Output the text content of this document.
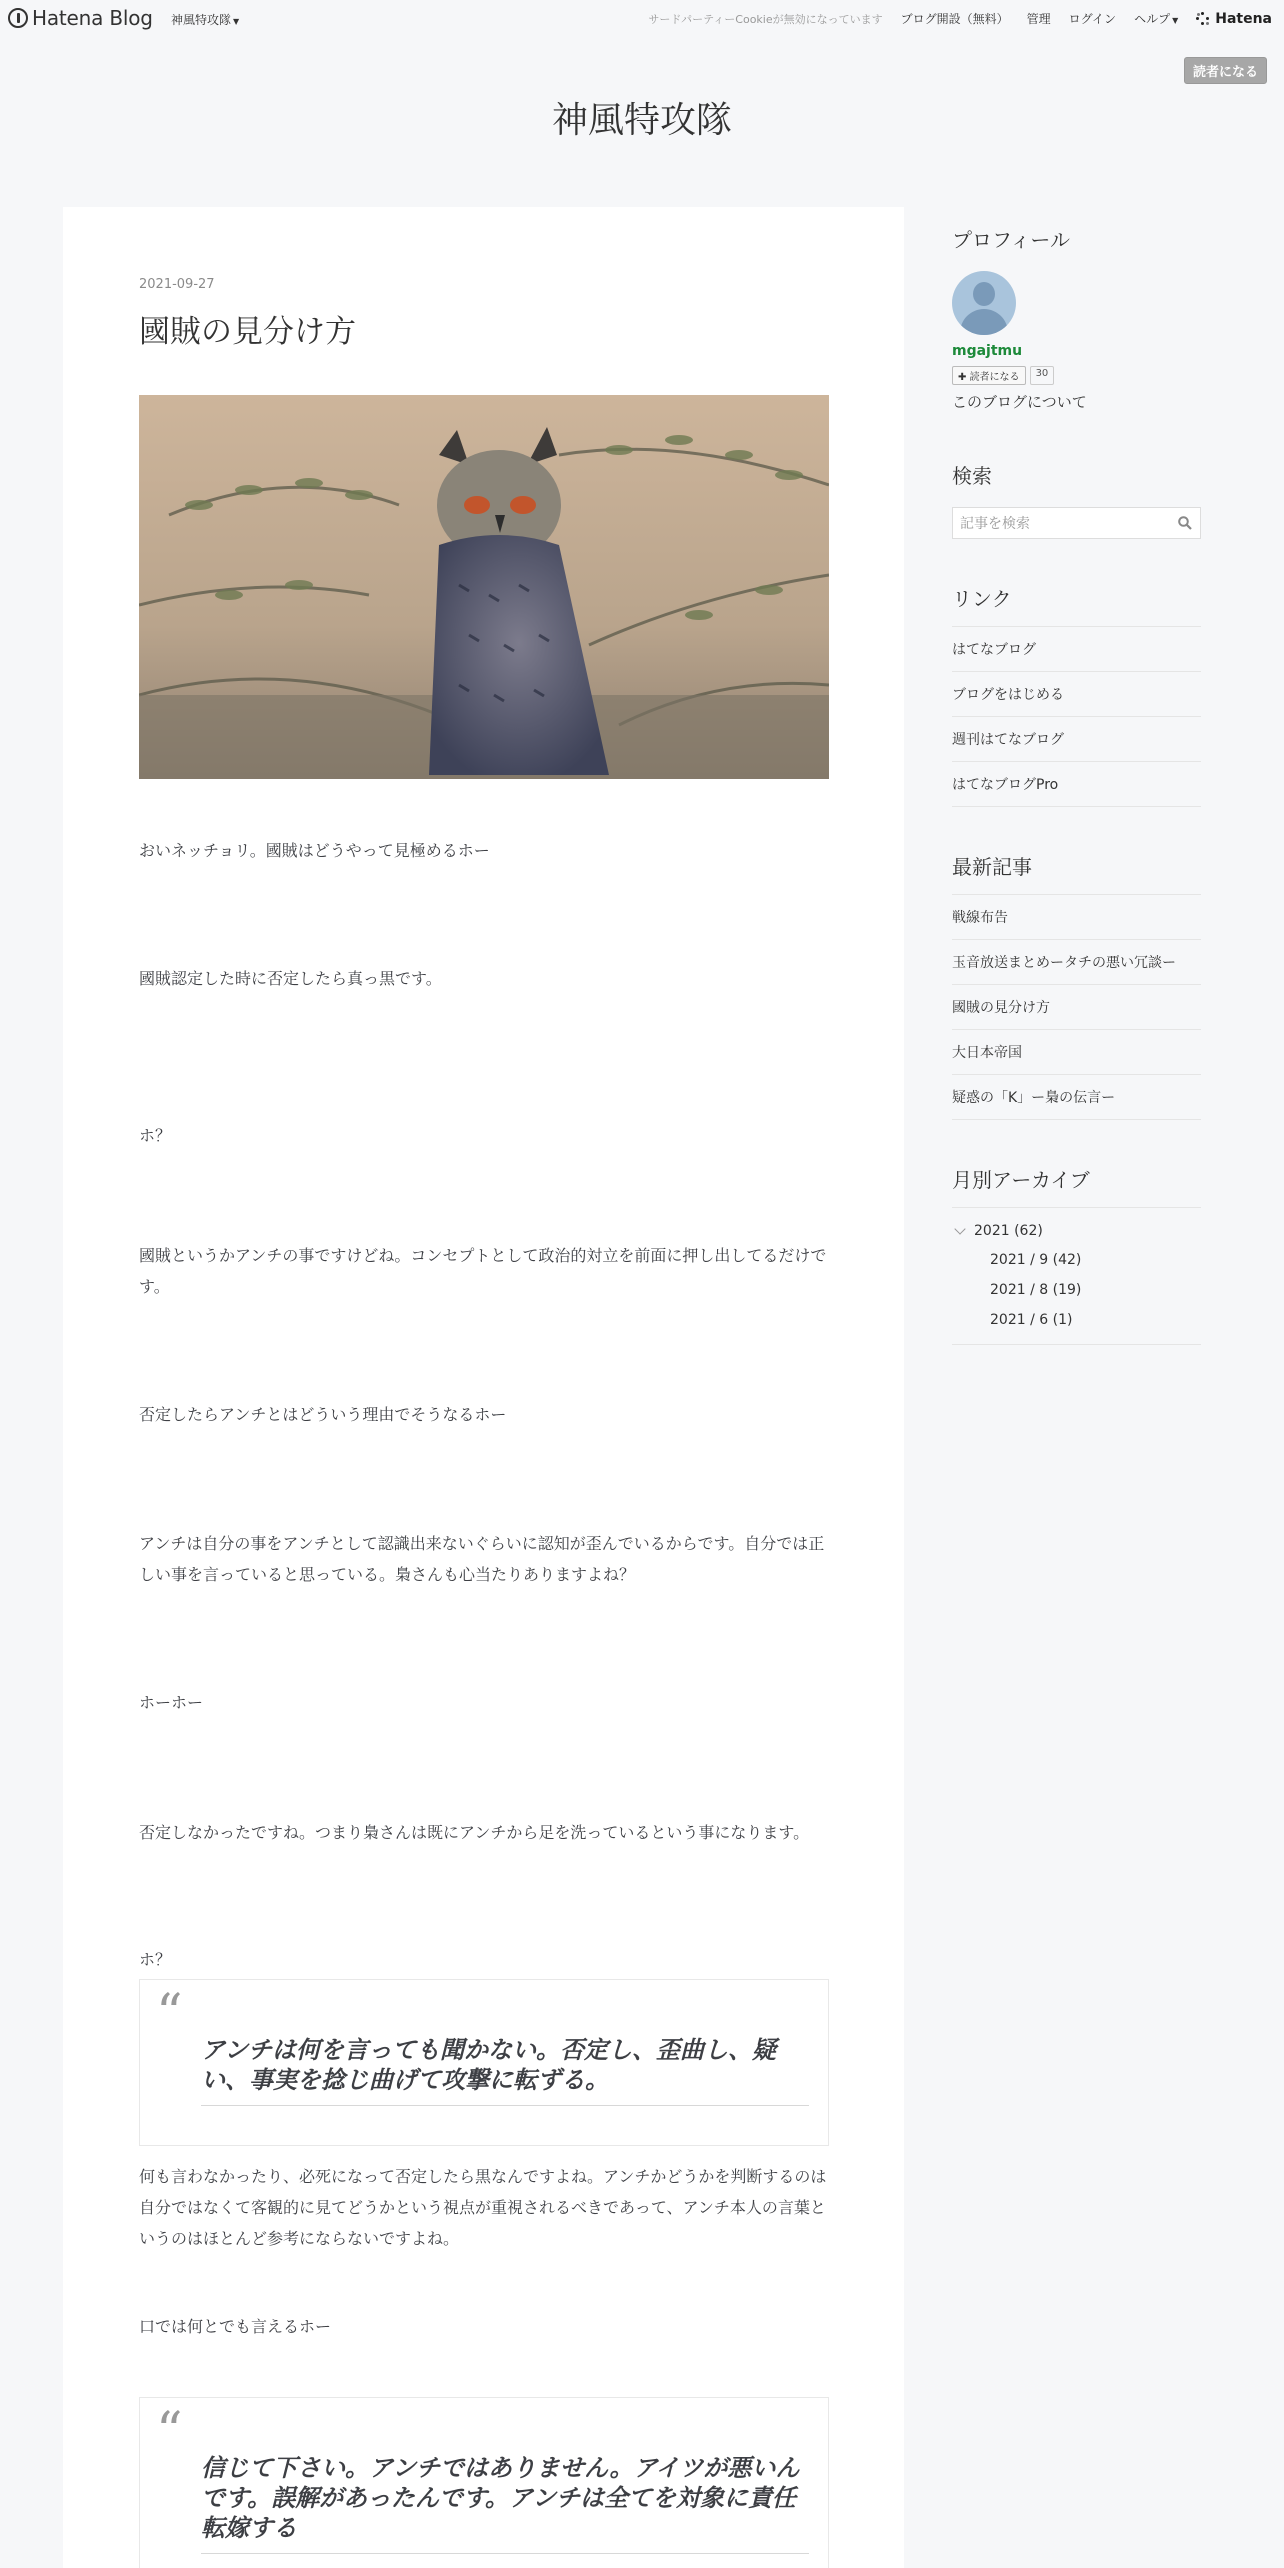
Hatena Blog 神風特攻隊 ▼	サードパーティーCookieが無効になっています ブログ開設（無料） 管理 ログイン ヘルプ ▼	Hatena
読者になる
神風特攻隊
2021-09-27
國賊の見分け方

おいネッチョリ。國賊はどうやって見極めるホー

國賊認定した時に否定したら真っ黒です。

ホ？

國賊というかアンチの事ですけどね。コンセプトとして政治的対立を前面に押し出してるだけです。

否定したらアンチとはどういう理由でそうなるホー

アンチは自分の事をアンチとして認識出来ないぐらいに認知が歪んでいるからです。自分では正しい事を言っていると思っている。梟さんも心当たりありますよね？

ホーホー

否定しなかったですね。つまり梟さんは既にアンチから足を洗っているという事になります。

ホ？

“
アンチは何を言っても聞かない。否定し、歪曲し、疑い、事実を捻じ曲げて攻撃に転ずる。

何も言わなかったり、必死になって否定したら黒なんですよね。アンチかどうかを判断するのは自分ではなくて客観的に見てどうかという視点が重視されるべきであって、アンチ本人の言葉というのはほとんど参考にならないですよね。

口では何とでも言えるホー

“
信じて下さい。アンチではありません。アイツが悪いんです。誤解があったんです。アンチは全てを対象に責任転嫁する
プロフィール
mgajtmu
✚ 読者になる	30
このブログについて
検索
記事を検索
リンク
はてなブログ
ブログをはじめる
週刊はてなブログ
はてなブログPro
最新記事
戦線布告
玉音放送まとめータチの悪い冗談ー
國賊の見分け方
大日本帝国
疑惑の「K」ー梟の伝言ー
月別アーカイブ
2021 (62)
2021 / 9 (42)
2021 / 8 (19)
2021 / 6 (1)
